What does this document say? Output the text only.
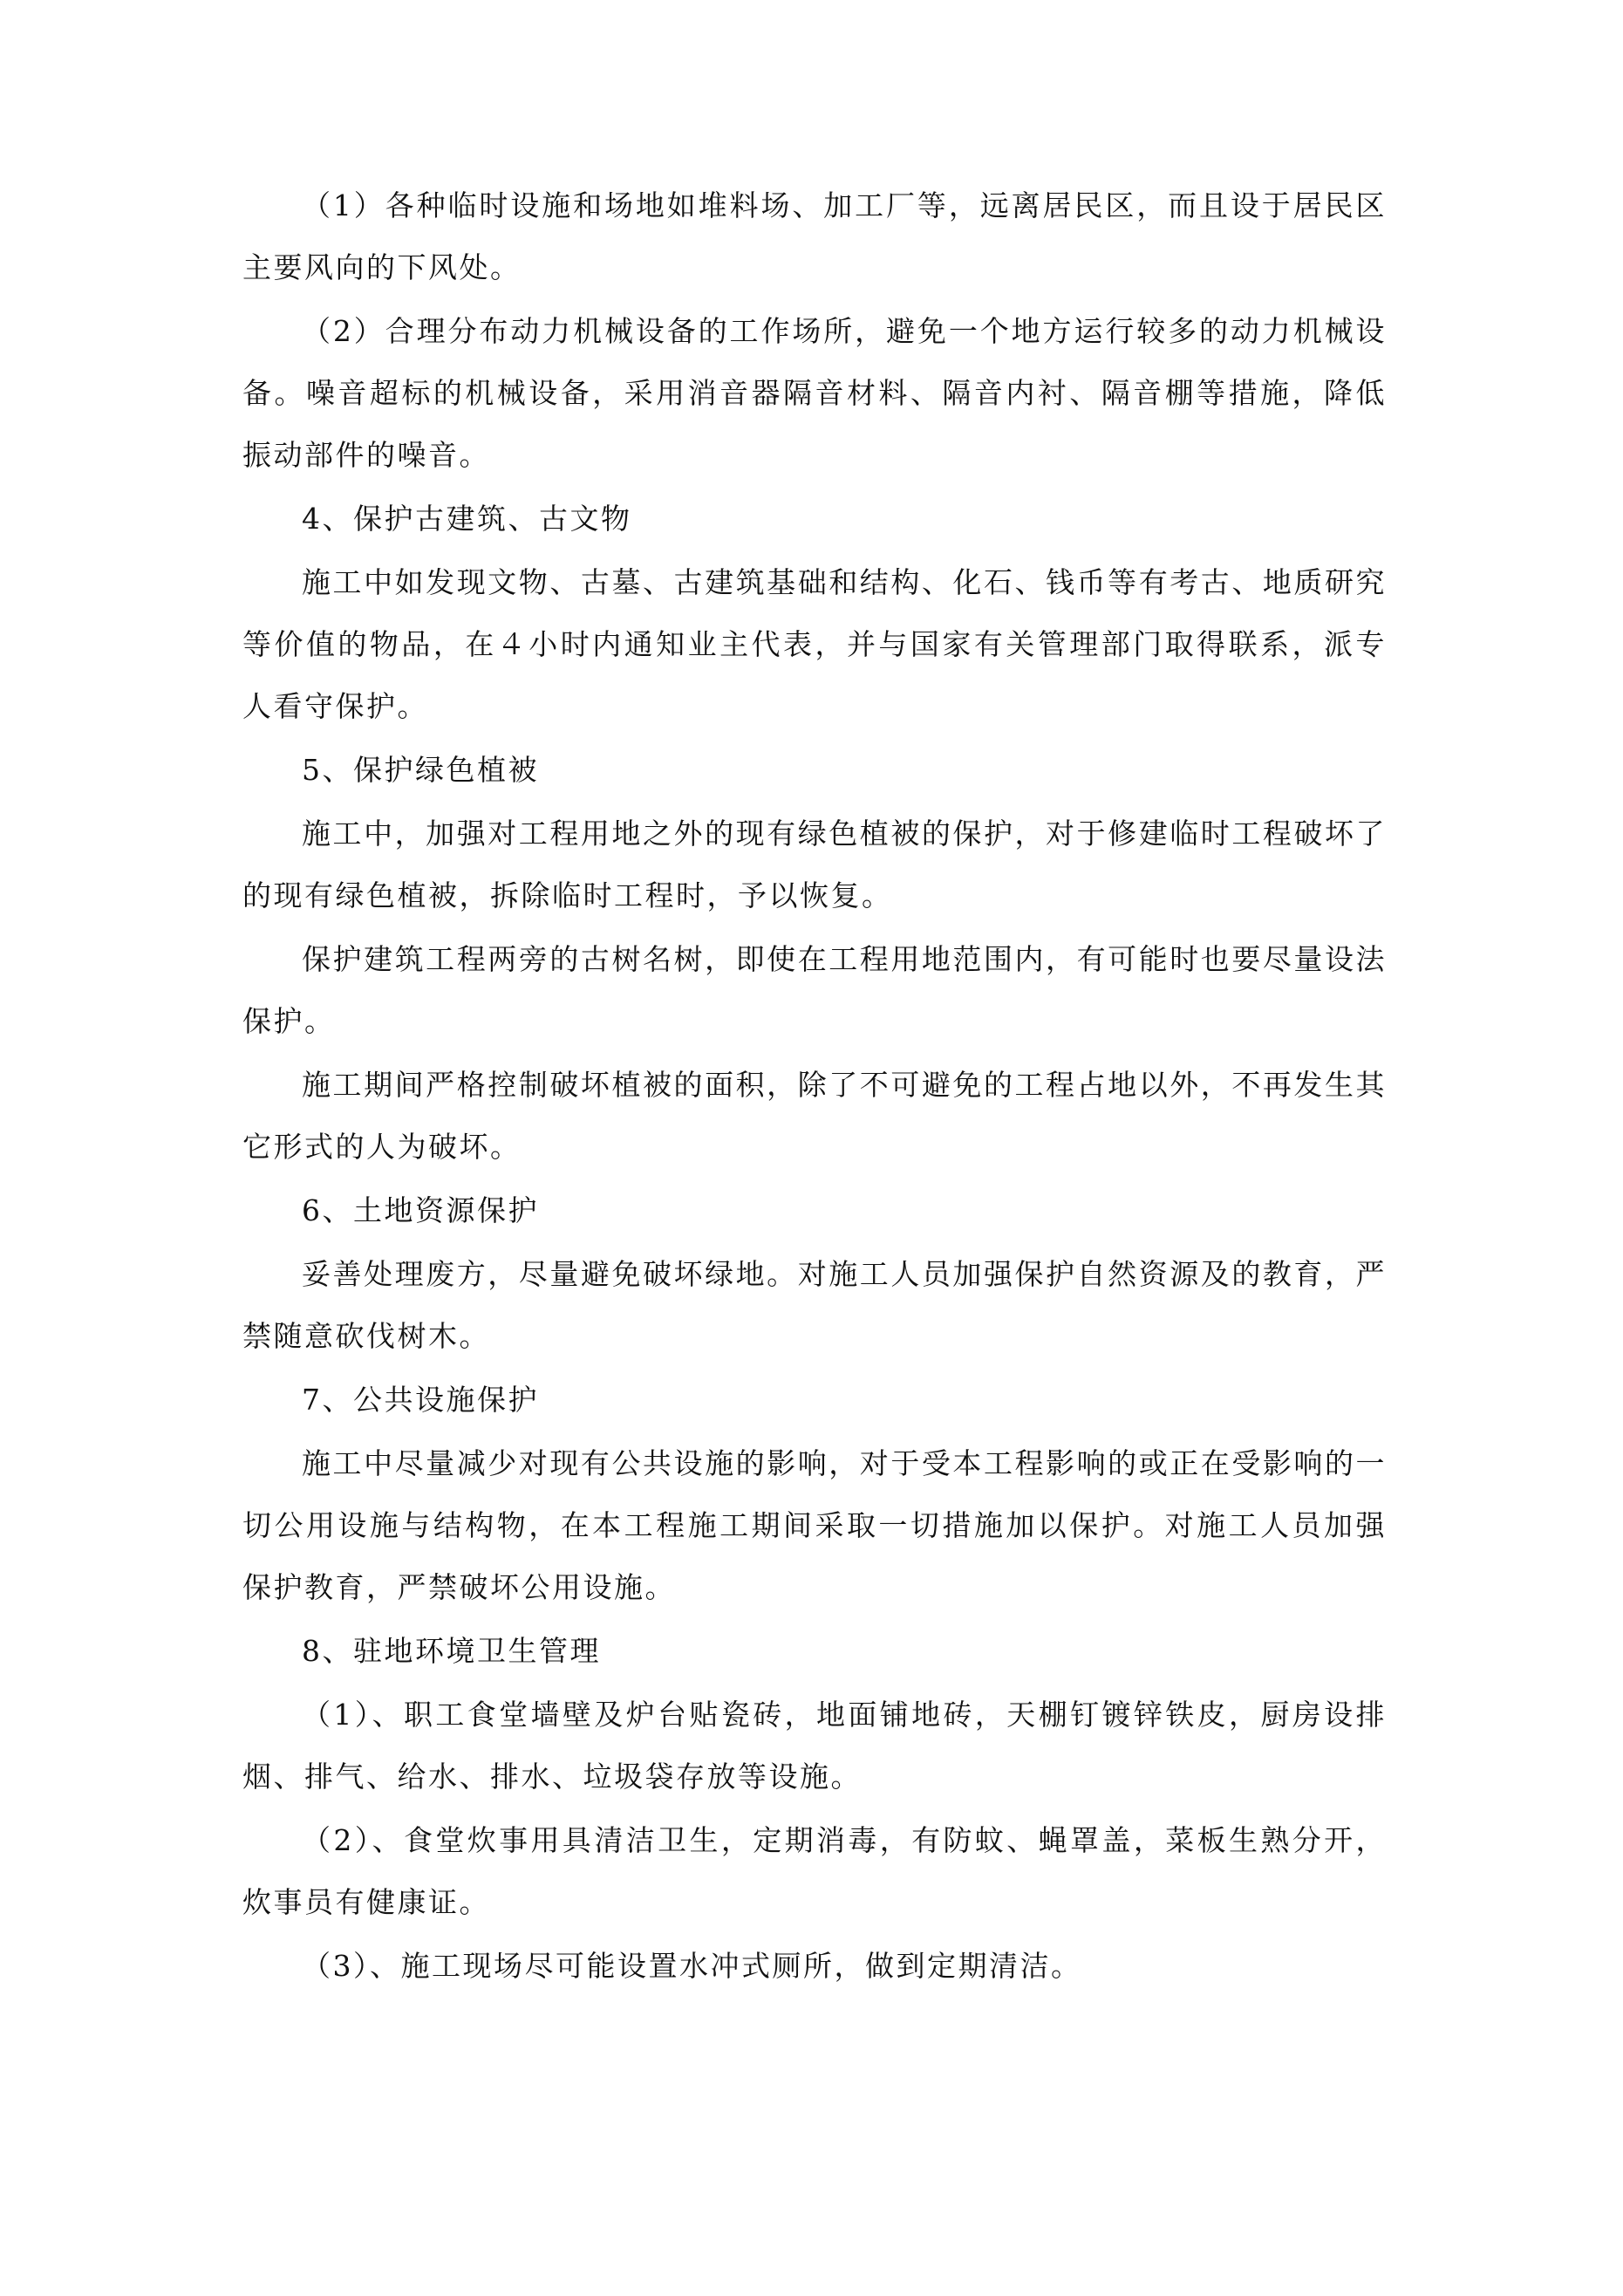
（1）各种临时设施和场地如堆料场、加工厂等，远离居民区，而且设于居民区主要风向的下风处。

（2）合理分布动力机械设备的工作场所，避免一个地方运行较多的动力机械设备。噪音超标的机械设备，采用消音器隔音材料、隔音内衬、隔音棚等措施，降低振动部件的噪音。

4、保护古建筑、古文物

施工中如发现文物、古墓、古建筑基础和结构、化石、钱币等有考古、地质研究等价值的物品，在４小时内通知业主代表，并与国家有关管理部门取得联系，派专人看守保护。

5、保护绿色植被

施工中，加强对工程用地之外的现有绿色植被的保护，对于修建临时工程破坏了的现有绿色植被，拆除临时工程时，予以恢复。

保护建筑工程两旁的古树名树，即使在工程用地范围内，有可能时也要尽量设法保护。

施工期间严格控制破坏植被的面积，除了不可避免的工程占地以外，不再发生其它形式的人为破坏。

6、土地资源保护

妥善处理废方，尽量避免破坏绿地。对施工人员加强保护自然资源及的教育，严禁随意砍伐树木。

7、公共设施保护

施工中尽量减少对现有公共设施的影响，对于受本工程影响的或正在受影响的一切公用设施与结构物，在本工程施工期间采取一切措施加以保护。对施工人员加强保护教育，严禁破坏公用设施。

8、驻地环境卫生管理

（1）、职工食堂墙壁及炉台贴瓷砖，地面铺地砖，天棚钉镀锌铁皮，厨房设排烟、排气、给水、排水、垃圾袋存放等设施。

（2）、食堂炊事用具清洁卫生，定期消毒，有防蚊、蝇罩盖，菜板生熟分开，炊事员有健康证。

（3）、施工现场尽可能设置水冲式厕所，做到定期清洁。
